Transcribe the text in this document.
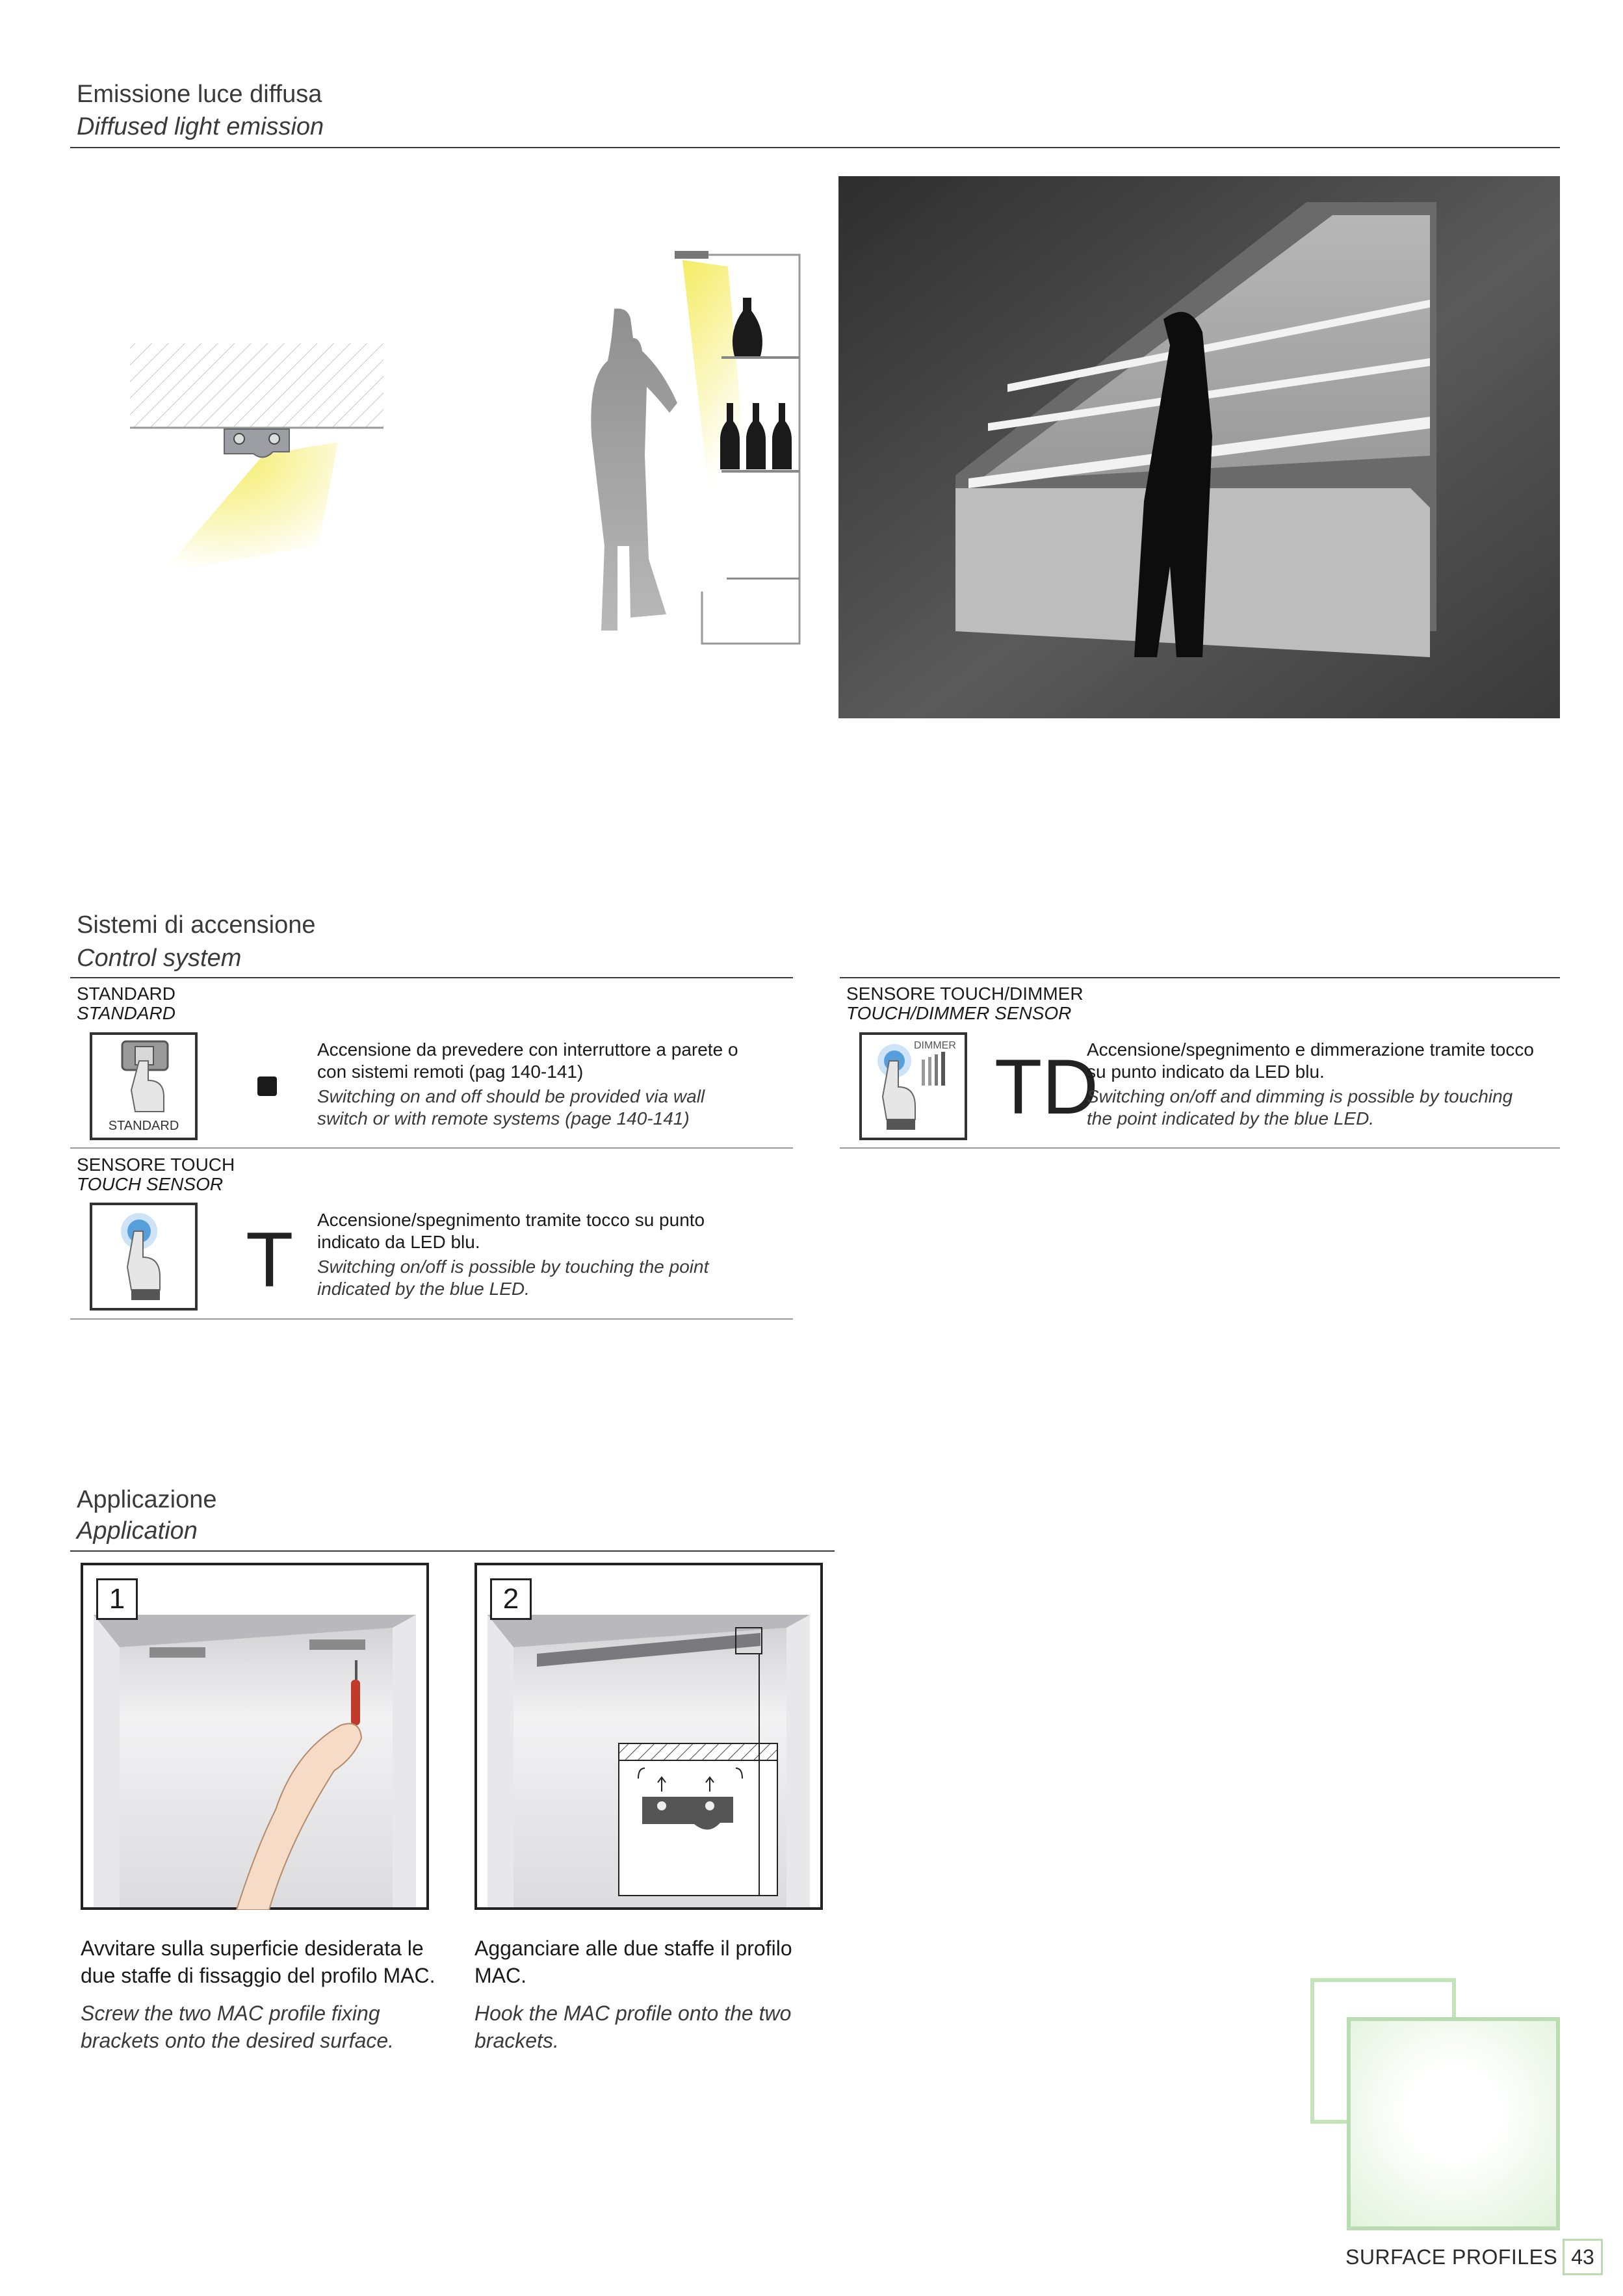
Emissione luce diffusa
Diffused light emission
Sistemi di accensione
Control system
STANDARD
STANDARD
STANDARD
Accensione da prevedere con interruttore a parete o con sistemi remoti (pag 140-141)
Switching on and off should be provided via wall switch or with remote systems (page 140-141)
SENSORE TOUCH
TOUCH SENSOR
T Accensione/spegnimento tramite tocco su punto indicato da LED blu.
Switching on/off is possible by touching the point indicated by the blue LED.
SENSORE TOUCH/DIMMER
TOUCH/DIMMER SENSOR
DIMMER TD
Accensione/spegnimento e dimmerazione tramite tocco su punto indicato da LED blu.
Switching on/off and dimming is possible by touching the point indicated by the blue LED.
Applicazione
Application
1	2
Avvitare sulla superficie desiderata le due staffe di fissaggio del profilo MAC.
Screw the two MAC profile fixing brackets onto the desired surface.
Agganciare alle due staffe il profilo MAC.
Hook the MAC profile onto the two brackets.
SURFACE PROFILES 43
